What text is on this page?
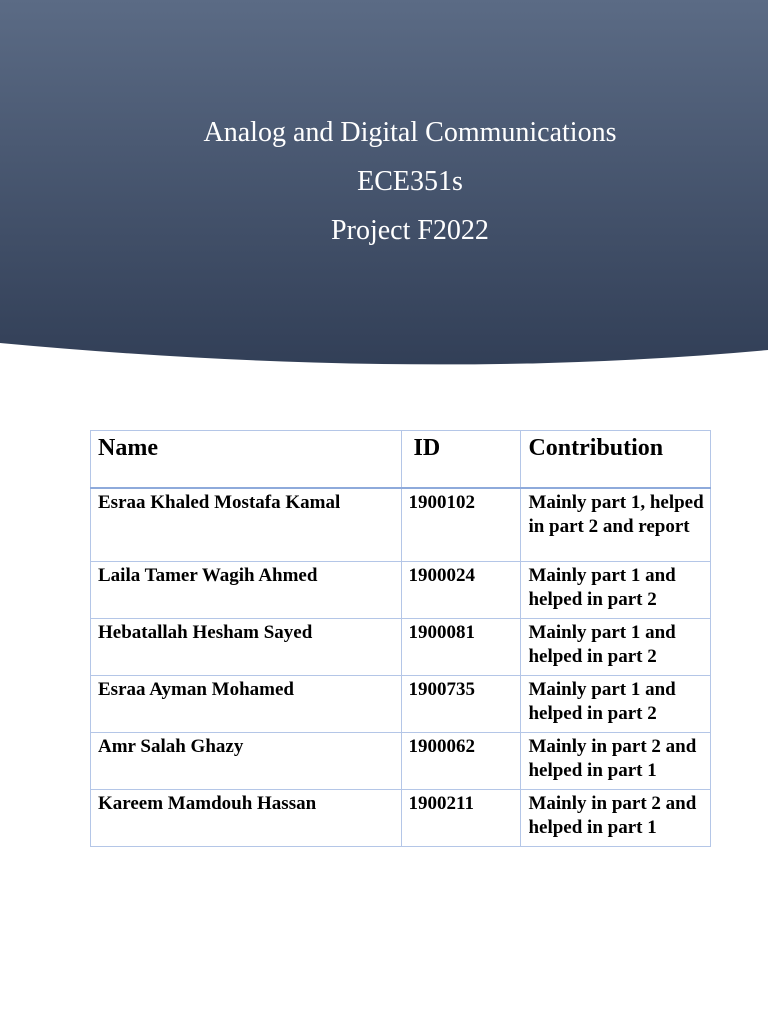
Analog and Digital Communications
ECE351s
Project F2022
Name	ID	Contribution
Esraa Khaled Mostafa Kamal	1900102	Mainly part 1, helped in part 2 and report
Laila Tamer Wagih Ahmed	1900024	Mainly part 1 and helped in part 2
Hebatallah Hesham Sayed	1900081	Mainly part 1 and helped in part 2
Esraa Ayman Mohamed	1900735	Mainly part 1 and helped in part 2
Amr Salah Ghazy	1900062	Mainly in part 2 and helped in part 1
Kareem Mamdouh Hassan	1900211	Mainly in part 2 and helped in part 1
